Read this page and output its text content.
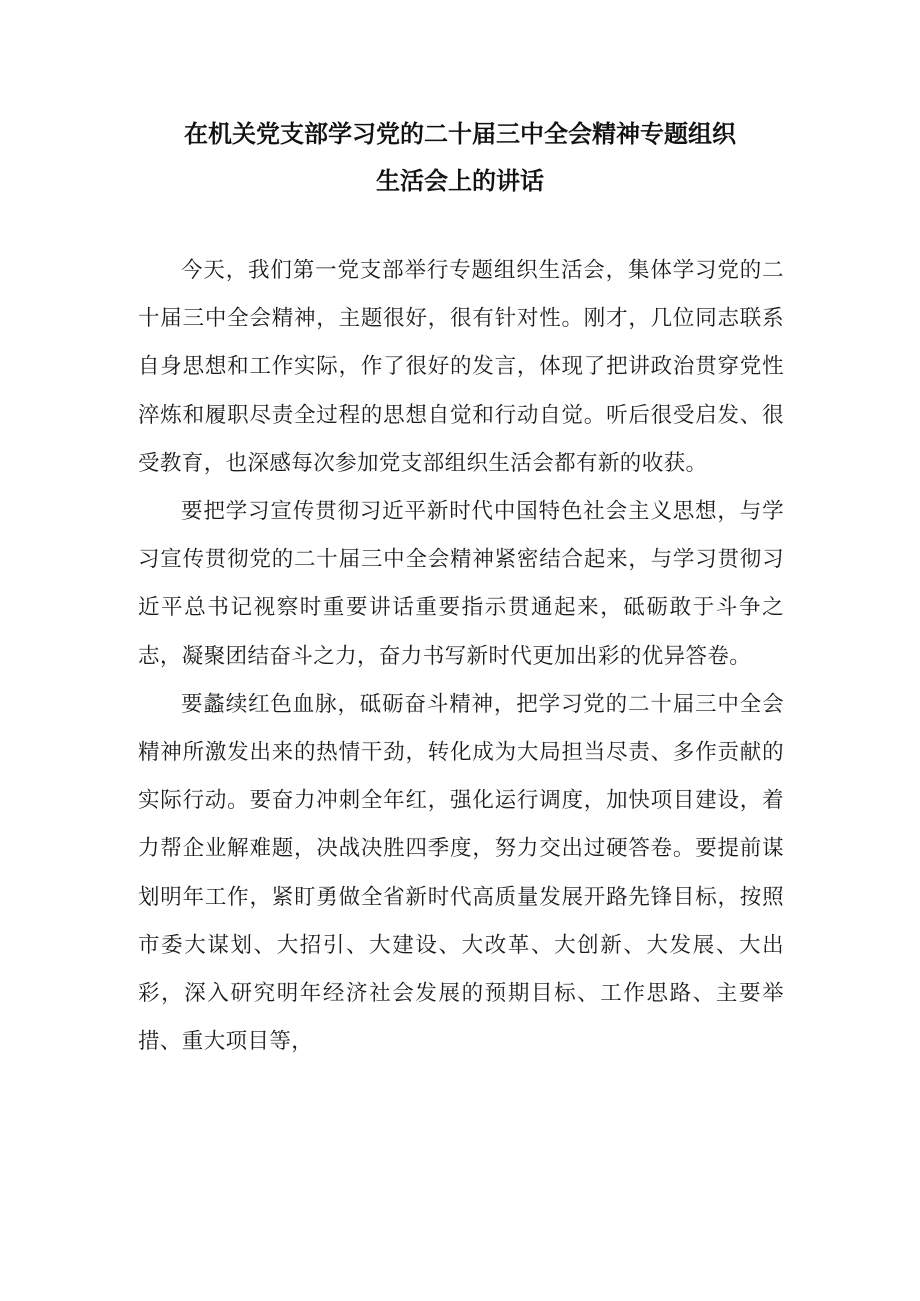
在机关党支部学习党的二十届三中全会精神专题组织
生活会上的讲话

今天，我们第一党支部举行专题组织生活会，集体学习党的二十届三中全会精神，主题很好，很有针对性。刚才，几位同志联系自身思想和工作实际，作了很好的发言，体现了把讲政治贯穿党性淬炼和履职尽责全过程的思想自觉和行动自觉。听后很受启发、很受教育，也深感每次参加党支部组织生活会都有新的收获。

要把学习宣传贯彻习近平新时代中国特色社会主义思想，与学习宣传贯彻党的二十届三中全会精神紧密结合起来，与学习贯彻习近平总书记视察时重要讲话重要指示贯通起来，砥砺敢于斗争之志，凝聚团结奋斗之力，奋力书写新时代更加出彩的优异答卷。

要蠡续红色血脉，砥砺奋斗精神，把学习党的二十届三中全会精神所激发出来的热情干劲，转化成为大局担当尽责、多作贡献的实际行动。要奋力冲刺全年红，强化运行调度，加快项目建设，着力帮企业解难题，决战决胜四季度，努力交出过硬答卷。要提前谋划明年工作，紧盯勇做全省新时代高质量发展开路先锋目标，按照市委大谋划、大招引、大建设、大改革、大创新、大发展、大出彩，深入研究明年经济社会发展的预期目标、工作思路、主要举措、重大项目等，
